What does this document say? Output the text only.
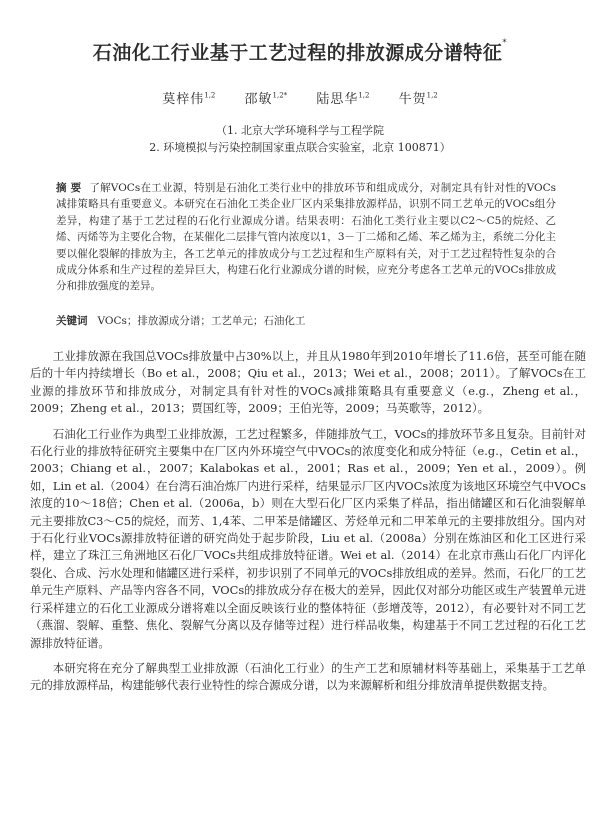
石油化工行业基于工艺过程的排放源成分谱特征*
莫梓伟$^{1,2}$ 邵敏$^{1,2*}$ 陆思华$^{1,2}$ 牛贺$^{1,2}$
（1. 北京大学环境科学与工程学院
2. 环境模拟与污染控制国家重点联合实验室，北京 100871）
摘 要 了解VOCs在工业源，特别是石油化工类行业中的排放环节和组成成分，对制定具有针对性的VOCs减排策略具有重要意义。本研究在石油化工类企业厂区内采集排放源样品，识别不同工艺单元的VOCs组分差异，构建了基于工艺过程的石化行业源成分谱。结果表明：石油化工类行业主要以C2～C5的烷烃、乙烯、丙烯等为主要化合物，在某催化二层排气管内浓度以1，3－丁二烯和乙烯、苯乙烯为主，系统二分化主要以催化裂解的排放为主，各工艺单元的排放成分与工艺过程和生产原料有关，对于工艺过程特性复杂的合成成分体系和生产过程的差异巨大，构建石化行业源成分谱的时候，应充分考虑各工艺单元的VOCs排放成分和排放强度的差异。
关键词 VOCs；排放源成分谱；工艺单元；石油化工

工业排放源在我国总VOCs排放量中占30%以上，并且从1980年到2010年增长了11.6倍，甚至可能在随后的十年内持续增长（Bo et al.，2008；Qiu et al.，2013；Wei et al.，2008；2011）。了解VOCs在工业源的排放环节和排放成分，对制定具有针对性的VOCs减排策略具有重要意义（e.g.，Zheng et al.，2009；Zheng et al.，2013；贾国红等，2009；王伯光等，2009；马英歌等，2012）。

石油化工行业作为典型工业排放源，工艺过程繁多，伴随排放气工，VOCs的排放环节多且复杂。目前针对石化行业的排放特征研究主要集中在厂区内外环境空气中VOCs的浓度变化和成分特征（e.g.，Cetin et al.，2003；Chiang et al.，2007；Kalabokas et al.，2001；Ras et al.，2009；Yen et al.，2009）。例如，Lin et al.（2004）在台湾石油冶炼厂内进行采样，结果显示厂区内VOCs浓度为该地区环境空气中VOCs浓度的10～18倍；Chen et al.（2006a，b）则在大型石化厂区内采集了样品，指出储罐区和石化油裂解单元主要排放C3～C5的烷烃，而芳、1,4苯、二甲苯是储罐区、芳烃单元和二甲苯单元的主要排放组分。国内对于石化行业VOCs源排放特征谱的研究尚处于起步阶段，Liu et al.（2008a）分别在炼油区和化工区进行采样，建立了珠江三角洲地区石化厂VOCs共组成排放特征谱。Wei et al.（2014）在北京市燕山石化厂内评化裂化、合成、污水处理和储罐区进行采样，初步识别了不同单元的VOCs排放组成的差异。然而，石化厂的工艺单元生产原料、产品等内容各不同，VOCs的排放成分存在极大的差异，因此仅对部分功能区或生产装置单元进行采样建立的石化工业源成分谱将难以全面反映该行业的整体特征（彭增茂等，2012），有必要针对不同工艺（燕溜、裂解、重整、焦化、裂解气分离以及存储等过程）进行样品收集，构建基于不同工艺过程的石化工艺源排放特征谱。

本研究将在充分了解典型工业排放源（石油化工行业）的生产工艺和原辅材料等基础上，采集基于工艺单元的排放源样品，构建能够代表行业特性的综合源成分谱，以为来源解析和组分排放清单提供数据支持。
